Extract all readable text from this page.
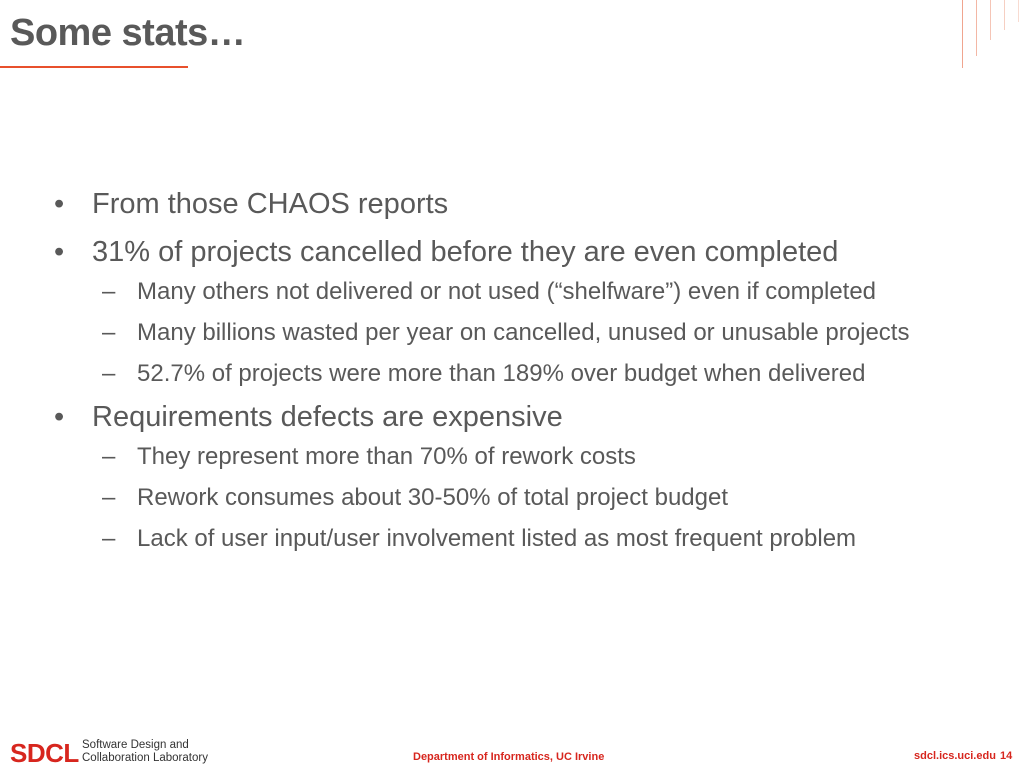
Some stats…
• From those CHAOS reports
• 31% of projects cancelled before they are even completed
– Many others not delivered or not used (“shelfware”) even if completed
– Many billions wasted per year on cancelled, unused or unusable projects
– 52.7% of projects were more than 189% over budget when delivered
• Requirements defects are expensive
– They represent more than 70% of rework costs
– Rework consumes about 30-50% of total project budget
– Lack of user input/user involvement listed as most frequent problem
SDCL Software Design and
Collaboration Laboratory	Department of Informatics, UC Irvine	sdcl.ics.uci.edu 14
